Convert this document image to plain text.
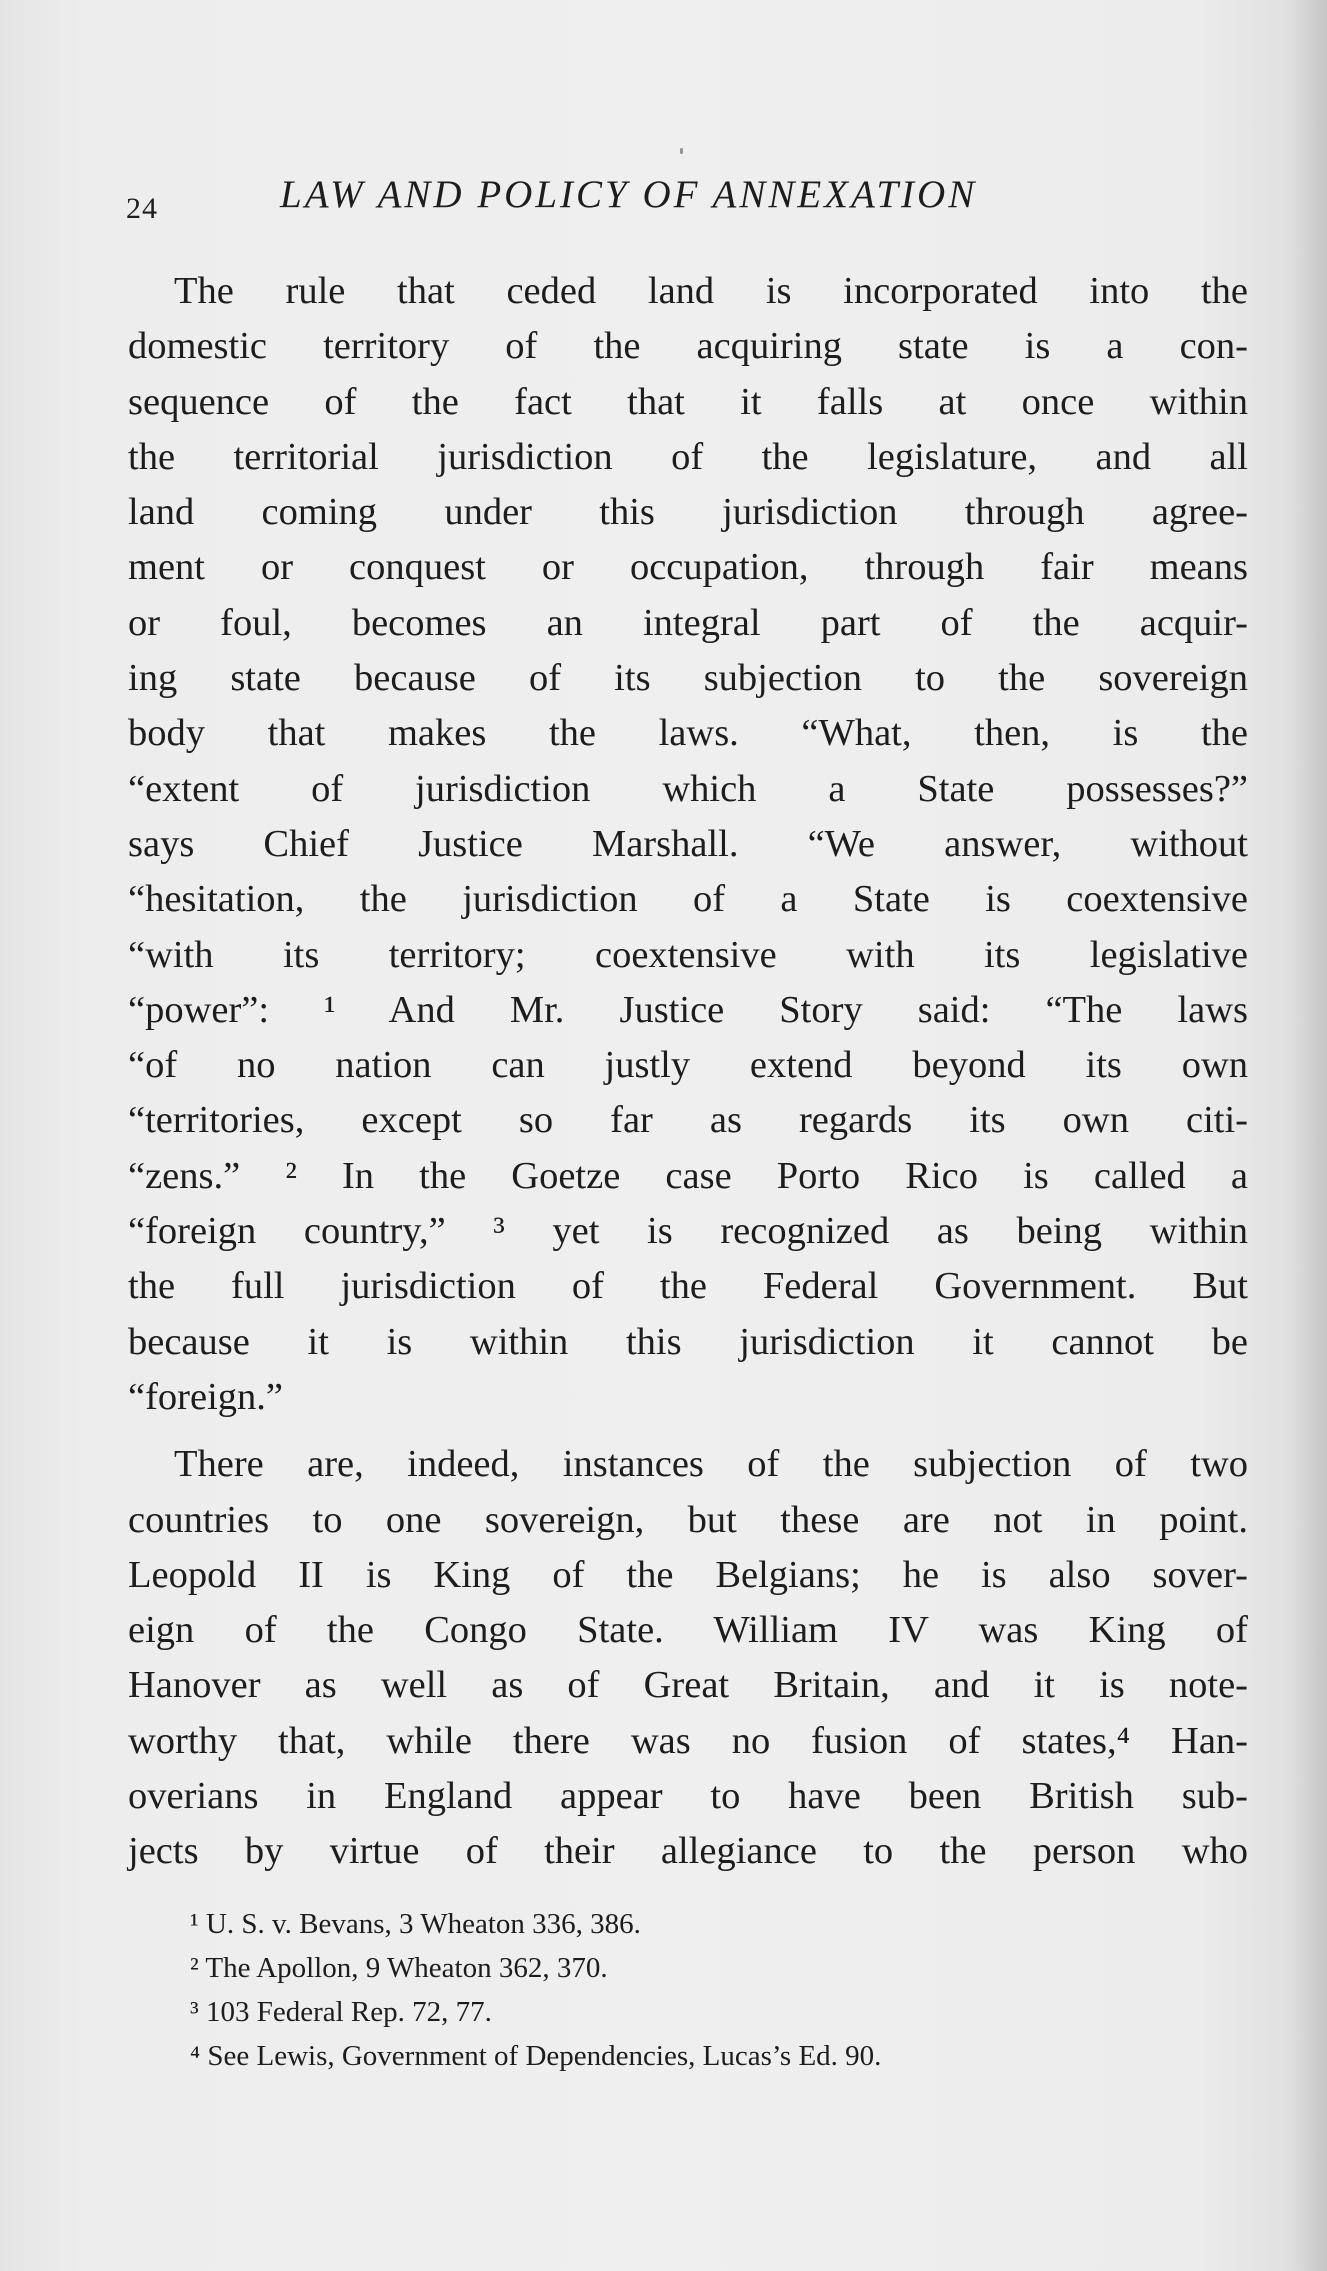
24	LAW AND POLICY OF ANNEXATION
The rule that ceded land is incorporated into the
domestic territory of the acquiring state is a con-
sequence of the fact that it falls at once within
the territorial jurisdiction of the legislature, and all
land coming under this jurisdiction through agree-
ment or conquest or occupation, through fair means
or foul, becomes an integral part of the acquir-
ing state because of its subjection to the sovereign
body that makes the laws. “What, then, is the
“extent of jurisdiction which a State possesses?”
says Chief Justice Marshall. “We answer, without
“hesitation, the jurisdiction of a State is coextensive
“with its territory; coextensive with its legislative
“power”: ¹ And Mr. Justice Story said: “The laws
“of no nation can justly extend beyond its own
“territories, except so far as regards its own citi-
“zens.” ² In the Goetze case Porto Rico is called a
“foreign country,” ³ yet is recognized as being within
the full jurisdiction of the Federal Government. But
because it is within this jurisdiction it cannot be
“foreign.”
There are, indeed, instances of the subjection of two
countries to one sovereign, but these are not in point.
Leopold II is King of the Belgians; he is also sover-
eign of the Congo State. William IV was King of
Hanover as well as of Great Britain, and it is note-
worthy that, while there was no fusion of states,⁴ Han-
overians in England appear to have been British sub-
jects by virtue of their allegiance to the person who
¹ U. S. v. Bevans, 3 Wheaton 336, 386.
² The Apollon, 9 Wheaton 362, 370.
³ 103 Federal Rep. 72, 77.
⁴ See Lewis, Government of Dependencies, Lucas’s Ed. 90.
